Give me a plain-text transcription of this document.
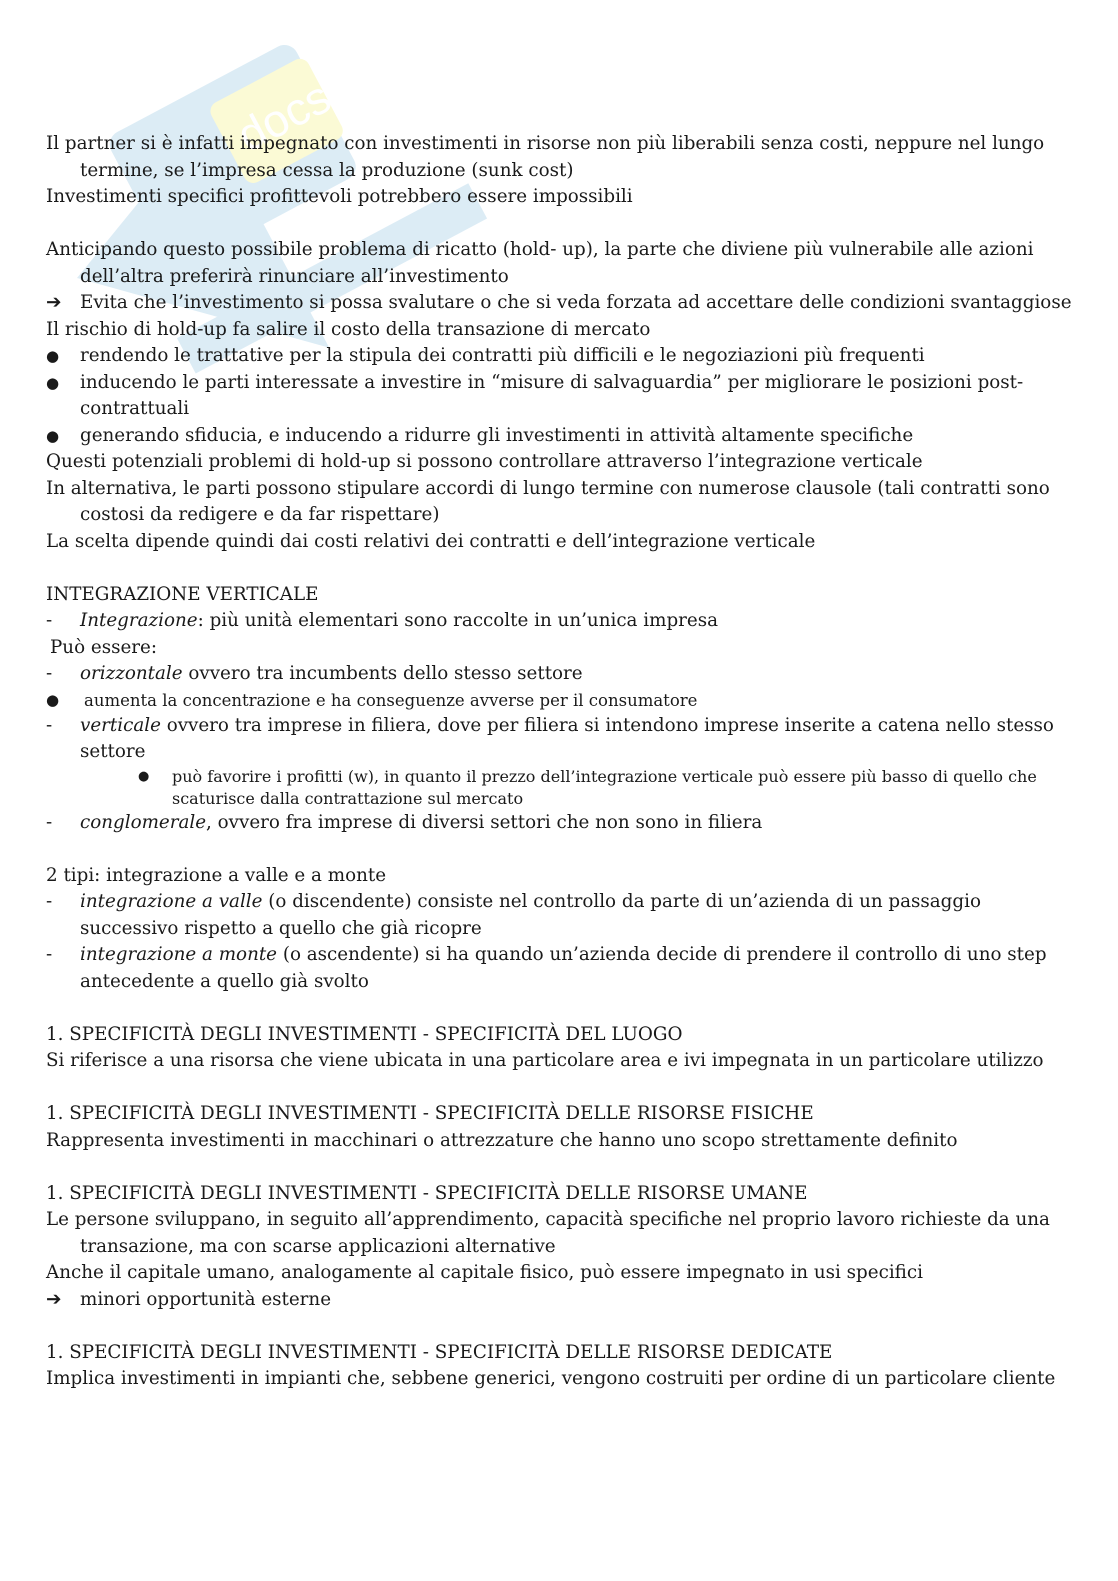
docsity

Il partner si è infatti impegnato con investimenti in risorse non più liberabili senza costi, neppure nel lungo termine, se l’impresa cessa la produzione (sunk cost)

Investimenti specifici profittevoli potrebbero essere impossibili

Anticipando questo possibile problema di ricatto (hold- up), la parte che diviene più vulnerabile alle azioni dell’altra preferirà rinunciare all’investimento

➔	Evita che l’investimento si possa svalutare o che si veda forzata ad accettare delle condizioni svantaggiose

Il rischio di hold-up fa salire il costo della transazione di mercato

●	rendendo le trattative per la stipula dei contratti più difficili e le negoziazioni più frequenti
●	inducendo le parti interessate a investire in “misure di salvaguardia” per migliorare le posizioni post-contrattuali
●	generando sfiducia, e inducendo a ridurre gli investimenti in attività altamente specifiche

Questi potenziali problemi di hold-up si possono controllare attraverso l’integrazione verticale

In alternativa, le parti possono stipulare accordi di lungo termine con numerose clausole (tali contratti sono costosi da redigere e da far rispettare)

La scelta dipende quindi dai costi relativi dei contratti e dell’integrazione verticale

INTEGRAZIONE VERTICALE

-	Integrazione: più unità elementari sono raccolte in un’unica impresa

Può essere:

-	orizzontale ovvero tra incumbents dello stesso settore
●	aumenta la concentrazione e ha conseguenze avverse per il consumatore
-	verticale ovvero tra imprese in filiera, dove per filiera si intendono imprese inserite a catena nello stesso settore
●	può favorire i profitti (w), in quanto il prezzo dell’integrazione verticale può essere più basso di quello che scaturisce dalla contrattazione sul mercato
-	conglomerale, ovvero fra imprese di diversi settori che non sono in filiera

2 tipi: integrazione a valle e a monte

-	integrazione a valle (o discendente) consiste nel controllo da parte di un’azienda di un passaggio successivo rispetto a quello che già ricopre
-	integrazione a monte (o ascendente) si ha quando un’azienda decide di prendere il controllo di uno step antecedente a quello già svolto

1. SPECIFICITÀ DEGLI INVESTIMENTI - SPECIFICITÀ DEL LUOGO

Si riferisce a una risorsa che viene ubicata in una particolare area e ivi impegnata in un particolare utilizzo

1. SPECIFICITÀ DEGLI INVESTIMENTI - SPECIFICITÀ DELLE RISORSE FISICHE

Rappresenta investimenti in macchinari o attrezzature che hanno uno scopo strettamente definito

1. SPECIFICITÀ DEGLI INVESTIMENTI - SPECIFICITÀ DELLE RISORSE UMANE

Le persone sviluppano, in seguito all’apprendimento, capacità specifiche nel proprio lavoro richieste da una transazione, ma con scarse applicazioni alternative

Anche il capitale umano, analogamente al capitale fisico, può essere impegnato in usi specifici

➔	minori opportunità esterne

1. SPECIFICITÀ DEGLI INVESTIMENTI - SPECIFICITÀ DELLE RISORSE DEDICATE

Implica investimenti in impianti che, sebbene generici, vengono costruiti per ordine di un particolare cliente
